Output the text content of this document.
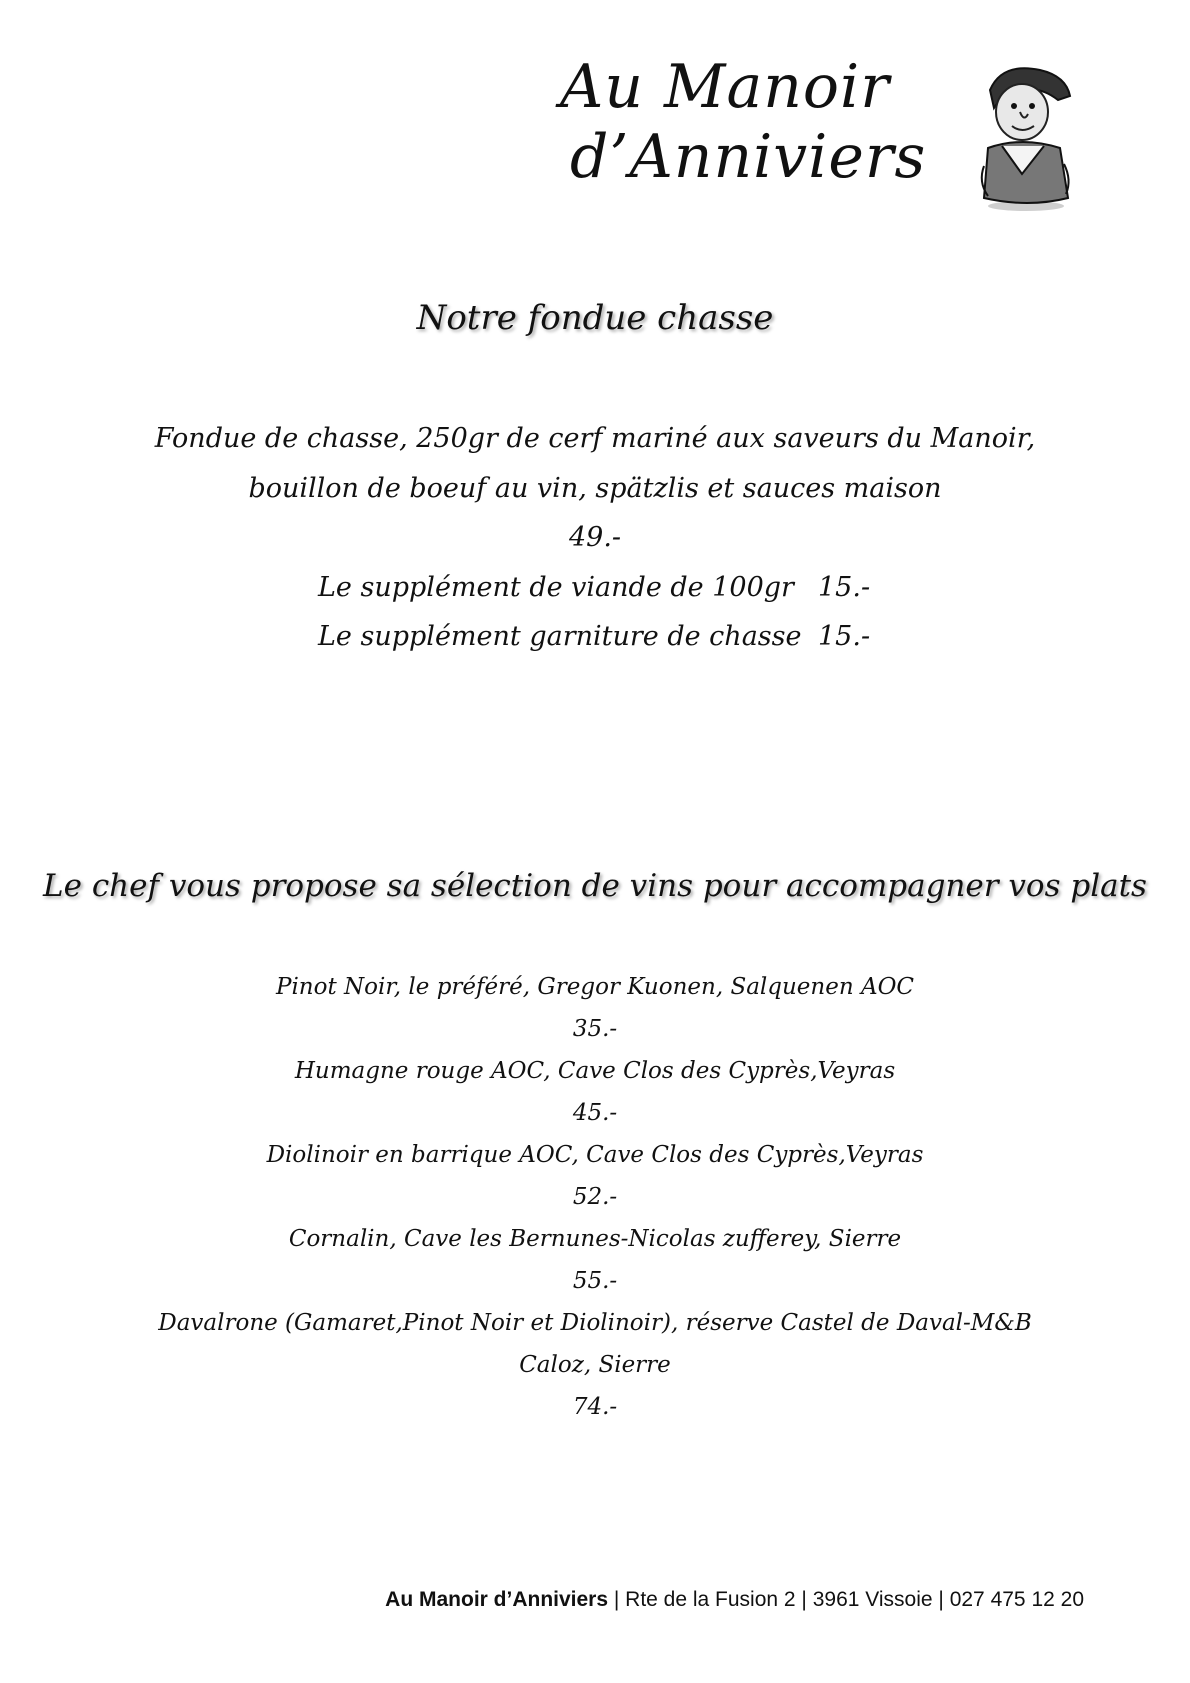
Au Manoir
d’Anniviers
Notre fondue chasse
Fondue de chasse, 250gr de cerf mariné aux saveurs du Manoir,
bouillon de boeuf au vin, spätzlis et sauces maison
49.-
Le supplément de viande de 100gr 15.-
Le supplément garniture de chasse 15.-
Le chef vous propose sa sélection de vins pour accompagner vos plats
Pinot Noir, le préféré, Gregor Kuonen, Salquenen AOC
35.-
Humagne rouge AOC, Cave Clos des Cyprès,Veyras
45.-
Diolinoir en barrique AOC, Cave Clos des Cyprès,Veyras
52.-
Cornalin, Cave les Bernunes-Nicolas zufferey, Sierre
55.-
Davalrone (Gamaret,Pinot Noir et Diolinoir), réserve Castel de Daval-M&B Caloz, Sierre
74.-
Au Manoir d’Anniviers | Rte de la Fusion 2 | 3961 Vissoie | 027 475 12 20
